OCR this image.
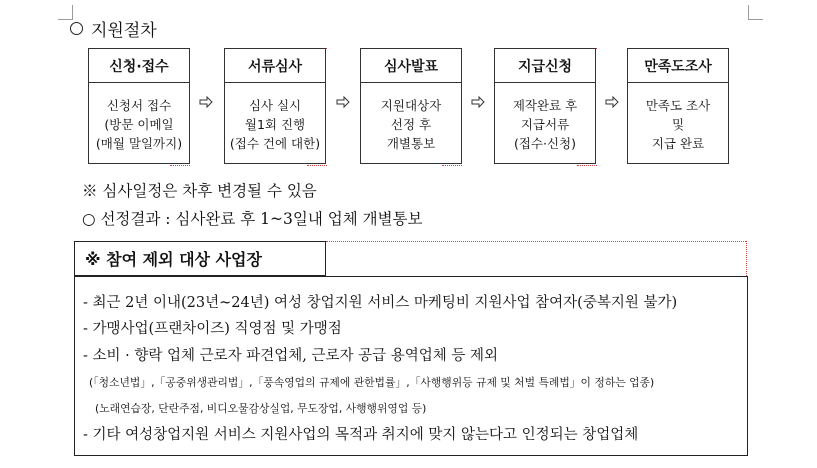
지원절차
신청·접수
신청서 접수
(방문 이메일
(매월 말일까지)
서류심사
심사 실시
월1회 진행
(접수 건에 대한)
심사발표
지원대상자
선정 후
개별통보
지급신청
제작완료 후
지급서류
(접수·신청)
만족도조사
만족도 조사
및
지급 완료
※ 심사일정은 차후 변경될 수 있음
○ 선정결과 : 심사완료 후 1~3일내 업체 개별통보
※ 참여 제외 대상 사업장
- 최근 2년 이내(23년~24년) 여성 창업지원 서비스 마케팅비 지원사업 참여자(중복지원 불가)
- 가맹사업(프랜차이즈) 직영점 및 가맹점
- 소비 · 향락 업체 근로자 파견업체, 근로자 공급 용역업체 등 제외
(「청소년법」,「공중위생관리법」,「풍속영업의 규제에 관한법률」,「사행행위등 규제 및 처벌 특례법」이 정하는 업종)
(노래연습장, 단란주점, 비디오물감상실업, 무도장업, 사행행위영업 등)
- 기타 여성창업지원 서비스 지원사업의 목적과 취지에 맞지 않는다고 인정되는 창업업체
